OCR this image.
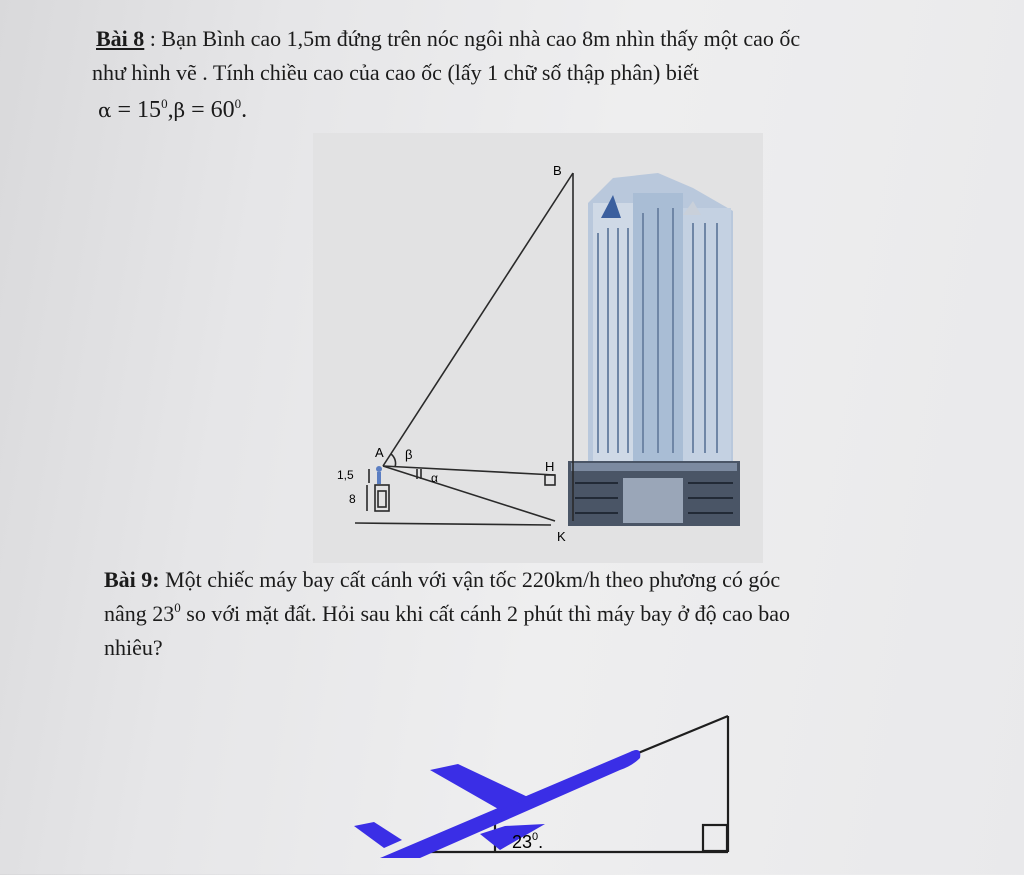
Bài 8 : Bạn Bình cao 1,5m đứng trên nóc ngôi nhà cao 8m nhìn thấy một cao ốc
như hình vẽ . Tính chiều cao của cao ốc (lấy 1 chữ số thập phân) biết
$\alpha = 15^0,\beta = 60^0$.
A
B
H
K
β
α
1,5
8
Bài 9: Một chiếc máy bay cất cánh với vận tốc 220km/h theo phương có góc
nâng $23^0$ so với mặt đất. Hỏi sau khi cất cánh 2 phút thì máy bay ở độ cao bao
nhiêu?
$23^0$.
